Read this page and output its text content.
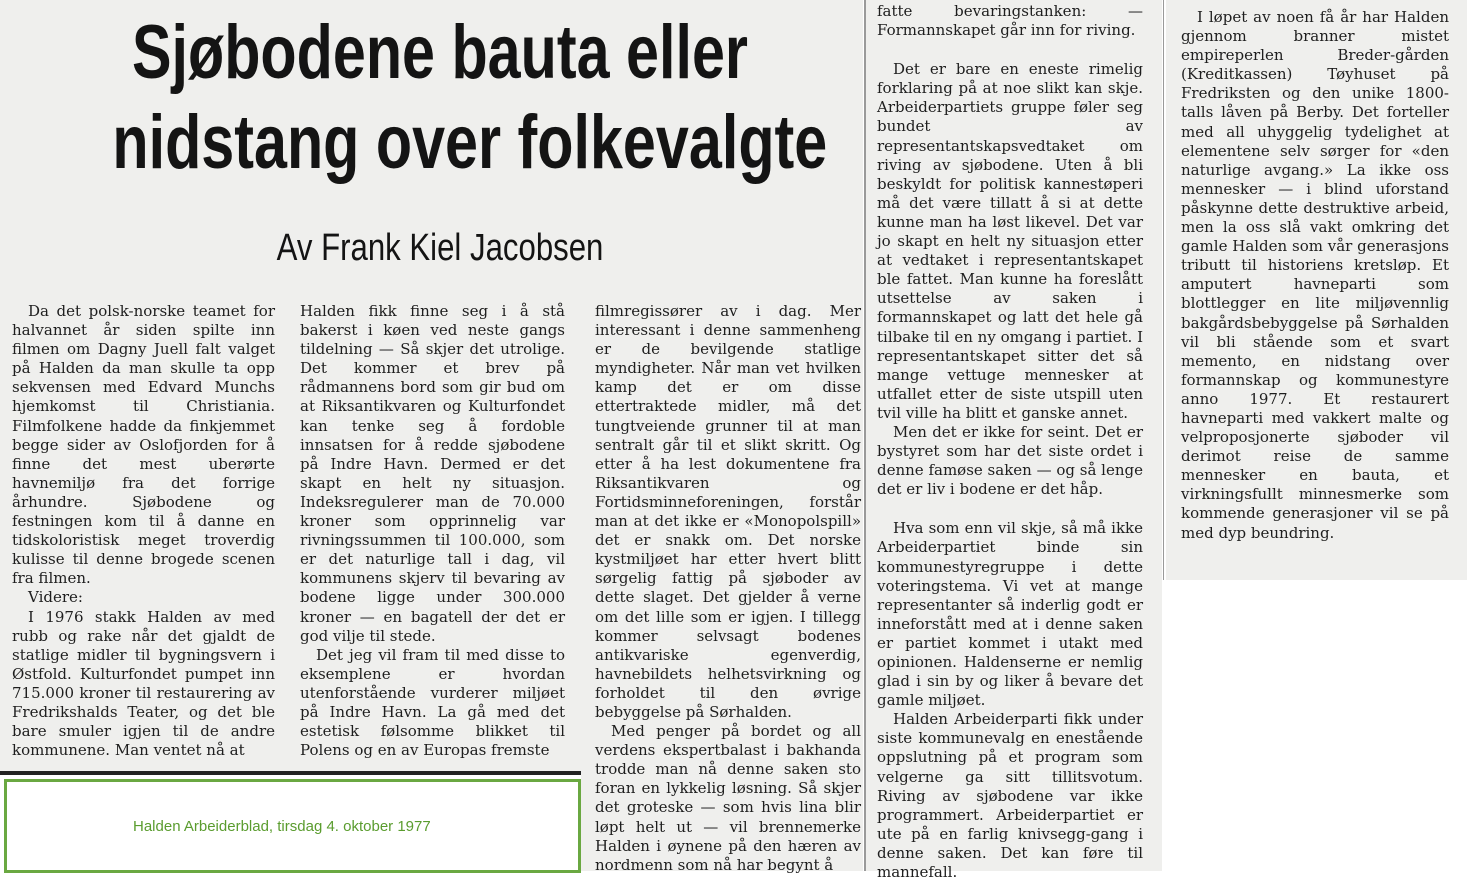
Sjøbodene bauta eller
nidstang over folkevalgte
Av Frank Kiel Jacobsen

Da det polsk-norske teamet for halvannet år siden spilte inn filmen om Dagny Juell falt valget på Halden da man skulle ta opp sekvensen med Edvard Munchs hjemkomst til Christiania. Filmfolkene hadde da finkjemmet begge sider av Oslofjorden for å finne det mest uberørte havnemiljø fra det forrige århundre. Sjøbodene og festningen kom til å danne en tidskoloristisk meget troverdig kulisse til denne brogede scenen fra filmen.

Videre:

I 1976 stakk Halden av med rubb og rake når det gjaldt de statlige midler til bygningsvern i Østfold. Kulturfondet pumpet inn 715.000 kroner til restaurering av Fredrikshalds Teater, og det ble bare smuler igjen til de andre kommunene. Man ventet nå at

Halden fikk finne seg i å stå bakerst i køen ved neste gangs tildelning — Så skjer det utrolige. Det kommer et brev på rådmannens bord som gir bud om at Riksantikvaren og Kulturfondet kan tenke seg å fordoble innsatsen for å redde sjøbodene på Indre Havn. Dermed er det skapt en helt ny situasjon. Indeksregulerer man de 70.000 kroner som opprinnelig var rivningssummen til 100.000, som er det naturlige tall i dag, vil kommunens skjerv til bevaring av bodene ligge under 300.000 kroner — en bagatell der det er god vilje til stede.

Det jeg vil fram til med disse to eksemplene er hvordan utenforstående vurderer miljøet på Indre Havn. La gå med det estetisk følsomme blikket til Polens og en av Europas fremste

filmregissører av i dag. Mer interessant i denne sammenheng er de bevilgende statlige myndigheter. Når man vet hvilken kamp det er om disse ettertraktede midler, må det tungtveiende grunner til at man sentralt går til et slikt skritt. Og etter å ha lest dokumentene fra Riksantikvaren og Fortidsminneforeningen, forstår man at det ikke er «Monopolspill» det er snakk om. Det norske kystmiljøet har etter hvert blitt sørgelig fattig på sjøboder av dette slaget. Det gjelder å verne om det lille som er igjen. I tillegg kommer selvsagt bodenes antikvariske egenverdig, havnebildets helhetsvirkning og forholdet til den øvrige bebyggelse på Sørhalden.

Med penger på bordet og all verdens ekspertbalast i bakhanda trodde man nå denne saken sto foran en lykkelig løsning. Så skjer det groteske — som hvis lina blir løpt helt ut — vil brennemerke Halden i øynene på den hæren av nordmenn som nå har begynt å

fatte bevaringstanken: — Formannskapet går inn for riving.

Det er bare en eneste rimelig forklaring på at noe slikt kan skje. Arbeiderpartiets gruppe føler seg bundet av representantskapsvedtaket om riving av sjøbodene. Uten å bli beskyldt for politisk kannestøperi må det være tillatt å si at dette kunne man ha løst likevel. Det var jo skapt en helt ny situasjon etter at vedtaket i representantskapet ble fattet. Man kunne ha foreslått utsettelse av saken i formannskapet og latt det hele gå tilbake til en ny omgang i partiet. I representantskapet sitter det så mange vettuge mennesker at utfallet etter de siste utspill uten tvil ville ha blitt et ganske annet.

Men det er ikke for seint. Det er bystyret som har det siste ordet i denne famøse saken — og så lenge det er liv i bodene er det håp.

Hva som enn vil skje, så må ikke Arbeiderpartiet binde sin kommunestyregruppe i dette voteringstema. Vi vet at mange representanter så inderlig godt er inneforstått med at i denne saken er partiet kommet i utakt med opinionen. Haldenserne er nemlig glad i sin by og liker å bevare det gamle miljøet.

Halden Arbeiderparti fikk under siste kommunevalg en enestående oppslutning på et program som velgerne ga sitt tillitsvotum. Riving av sjøbodene var ikke programmert. Arbeiderpartiet er ute på en farlig knivsegg-gang i denne saken. Det kan føre til mannefall.

I løpet av noen få år har Halden gjennom branner mistet empireperlen Breder-gården (Kreditkassen) Tøyhuset på Fredriksten og den unike 1800-talls låven på Berby. Det forteller med all uhyggelig tydelighet at elementene selv sørger for «den naturlige avgang.» La ikke oss mennesker — i blind uforstand påskynne dette destruktive arbeid, men la oss slå vakt omkring det gamle Halden som vår generasjons tributt til historiens kretsløp. Et amputert havneparti som blottlegger en lite miljøvennlig bakgårdsbebyggelse på Sørhalden vil bli stående som et svart memento, en nidstang over formannskap og kommunestyre anno 1977. Et restaurert havneparti med vakkert malte og velproposjonerte sjøboder vil derimot reise de samme mennesker en bauta, et virkningsfullt minnesmerke som kommende generasjoner vil se på med dyp beundring.

Halden Arbeiderblad, tirsdag 4. oktober 1977
